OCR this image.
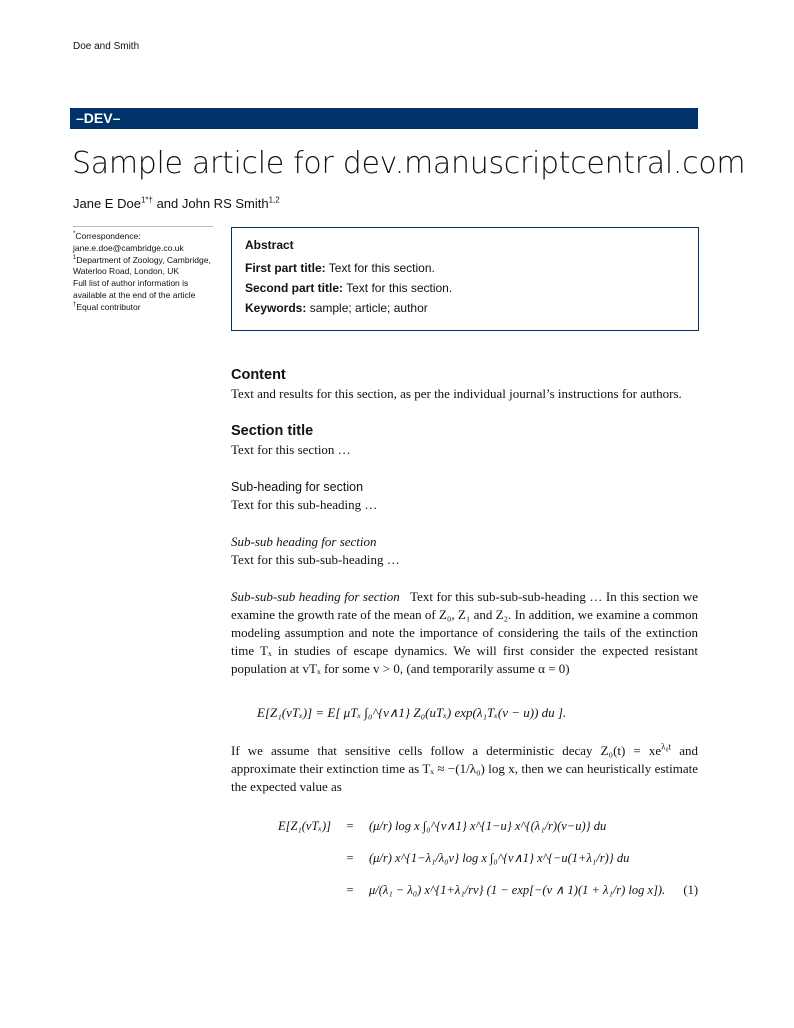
Doe and Smith
–DEV–
Sample article for dev.manuscriptcentral.com
Jane E Doe$^{1*\dagger}$ and John RS Smith$^{1,2}$
*Correspondence:
jane.e.doe@cambridge.co.uk
$^1$Department of Zoology, Cambridge, Waterloo Road, London, UK
Full list of author information is available at the end of the article
†Equal contributor
Abstract

First part title: Text for this section.

Second part title: Text for this section.

Keywords: sample; article; author

Content

Text and results for this section, as per the individual journal’s instructions for authors.

Section title

Text for this section …

Sub-heading for section

Text for this sub-heading …

Sub-sub heading for section

Text for this sub-sub-heading …

Sub-sub-sub heading for section Text for this sub-sub-sub-heading … In this section we examine the growth rate of the mean of Z₀, Z₁ and Z₂. In addition, we examine a common modeling assumption and note the importance of considering the tails of the extinction time Tₓ in studies of escape dynamics. We will first consider the expected resistant population at vTₓ for some v > 0, (and temporarily assume α = 0)

E[Z₁(vTₓ)] = E[ μTₓ ∫₀^{v∧1} Z₀(uTₓ) exp(λ₁Tₓ(v − u)) du ].

If we assume that sensitive cells follow a deterministic decay $Z_0(t) = xe^{\lambda_0t}$ and approximate their extinction time as Tₓ ≈ −(1/λ₀) log x, then we can heuristically estimate the expected value as

E[Z₁(vTₓ)]	=	(μ/r) log x ∫₀^{v∧1} x^{1−u} x^{(λ₁/r)(v−u)} du
=	(μ/r) x^{1−λ₁/λ₀v} log x ∫₀^{v∧1} x^{−u(1+λ₁/r)} du
=	μ/(λ₁ − λ₀) x^{1+λ₁/rv} (1 − exp[−(v ∧ 1)(1 + λ₁/r) log x]). (1)
